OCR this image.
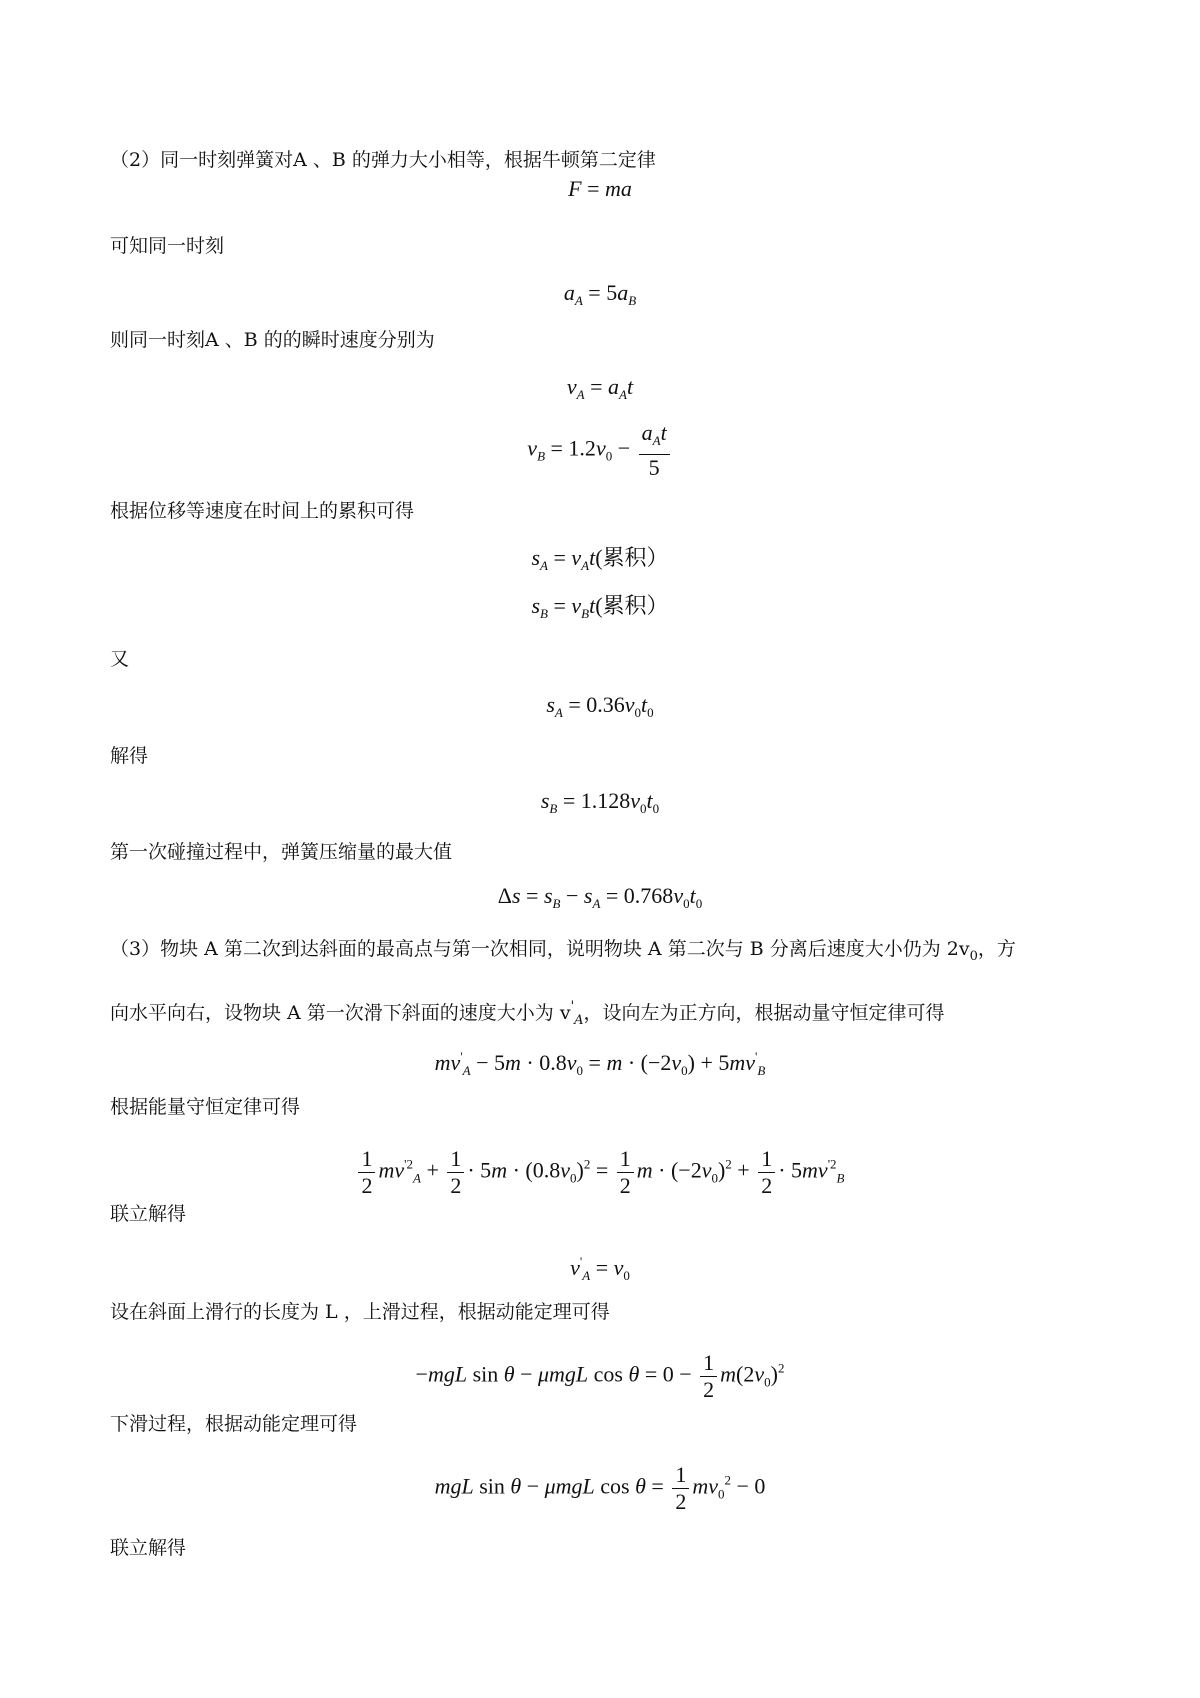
（2）同一时刻弹簧对A 、B 的弹力大小相等，根据牛顿第二定律
F = ma
可知同一时刻
$a_A = 5a_B$
则同一时刻A 、B 的的瞬时速度分别为
$v_A = a_At$
$v_B = 1.2v_0 - \frac{a_At}{5}$
根据位移等速度在时间上的累积可得
$s_A = v_At$(累积）
$s_B = v_Bt$(累积）
又
$s_A = 0.36v_0t_0$
解得
$s_B = 1.128v_0t_0$
第一次碰撞过程中，弹簧压缩量的最大值
$\Delta s = s_B - s_A = 0.768v_0t_0$
（3）物块 A 第二次到达斜面的最高点与第一次相同，说明物块 A 第二次与 B 分离后速度大小仍为 $2v_0$，方
向水平向右，设物块 A 第一次滑下斜面的速度大小为 $v'_A$，设向左为正方向，根据动量守恒定律可得
$mv'_A - 5m \cdot 0.8v_0 = m \cdot (-2v_0) + 5mv'_B$
根据能量守恒定律可得
$\frac{1}{2} mv^{'2}_A + \frac{1}{2} \cdot 5m \cdot (0.8v_0)^2 = \frac{1}{2}$ $m \cdot (-2v_0)^2 + \frac{1}{2} \cdot 5mv^{'2}_B$
联立解得
$v'_A = v_0$
设在斜面上滑行的长度为 L ，上滑过程，根据动能定理可得
−mgL sin θ − μmgL $\cos \theta = 0 - \frac{1}{2} m(2v_0)^2$
下滑过程，根据动能定理可得
mgL sin θ − μmgL $\cos \theta = \frac{1}{2} mv_0^2 - 0$
联立解得
